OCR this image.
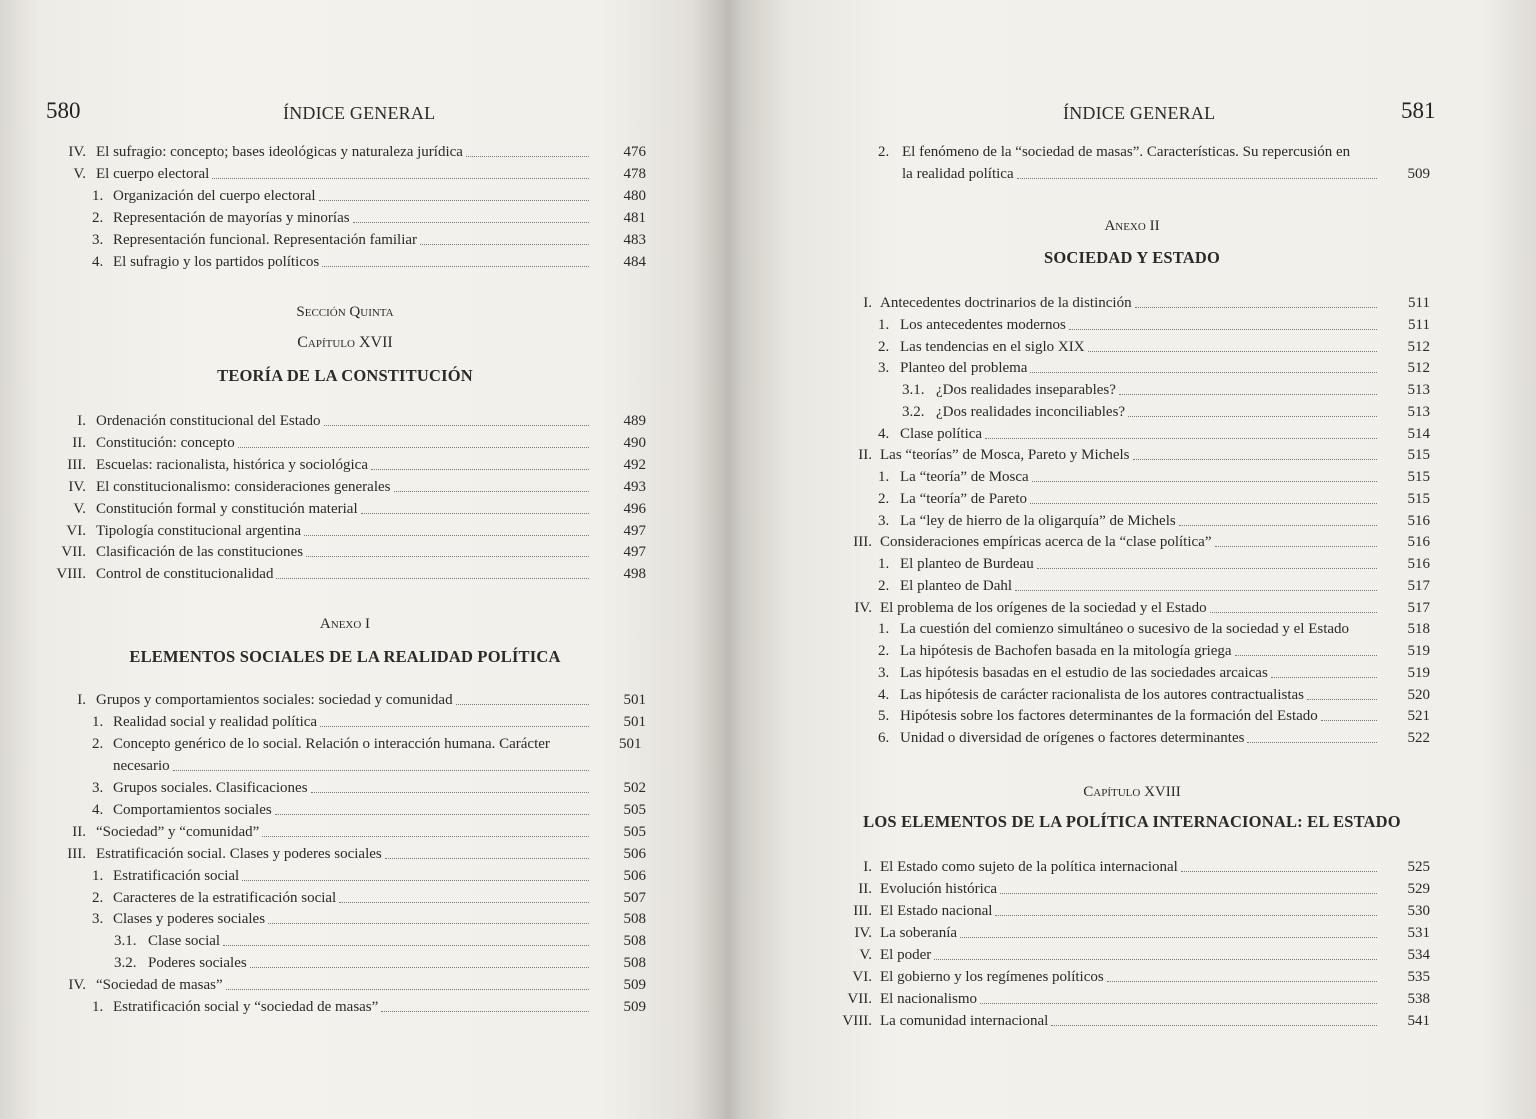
580	ÍNDICE GENERAL
Sección Quinta
Capítulo XVII
TEORÍA DE LA CONSTITUCIÓN
Anexo I
ELEMENTOS SOCIALES DE LA REALIDAD POLÍTICA
IV. El sufragio: concepto; bases ideológicas y naturaleza jurídica	476
V. El cuerpo electoral	478
1. Organización del cuerpo electoral	480
2. Representación de mayorías y minorías	481
3. Representación funcional. Representación familiar	483
4. El sufragio y los partidos políticos	484
I. Ordenación constitucional del Estado	489
II. Constitución: concepto	490
III. Escuelas: racionalista, histórica y sociológica	492
IV. El constitucionalismo: consideraciones generales	493
V. Constitución formal y constitución material	496
VI. Tipología constitucional argentina	497
VII. Clasificación de las constituciones	497
VIII. Control de constitucionalidad	498
I. Grupos y comportamientos sociales: sociedad y comunidad	501
1. Realidad social y realidad política	501
2. Concepto genérico de lo social. Relación o interacción humana. Carácter	501
necesario
3. Grupos sociales. Clasificaciones	502
4. Comportamientos sociales	505
II. “Sociedad” y “comunidad”	505
III. Estratificación social. Clases y poderes sociales	506
1. Estratificación social	506
2. Caracteres de la estratificación social	507
3. Clases y poderes sociales	508
3.1. Clase social	508
3.2. Poderes sociales	508
IV. “Sociedad de masas”	509
1. Estratificación social y “sociedad de masas”	509
ÍNDICE GENERAL	581
Anexo II
SOCIEDAD Y ESTADO
Capítulo XVIII
LOS ELEMENTOS DE LA POLÍTICA INTERNACIONAL: EL ESTADO
2. El fenómeno de la “sociedad de masas”. Características. Su repercusión en
la realidad política	509
I. Antecedentes doctrinarios de la distinción	511
1. Los antecedentes modernos	511
2. Las tendencias en el siglo XIX	512
3. Planteo del problema	512
3.1. ¿Dos realidades inseparables?	513
3.2. ¿Dos realidades inconciliables?	513
4. Clase política	514
II. Las “teorías” de Mosca, Pareto y Michels	515
1. La “teoría” de Mosca	515
2. La “teoría” de Pareto	515
3. La “ley de hierro de la oligarquía” de Michels	516
III. Consideraciones empíricas acerca de la “clase política”	516
1. El planteo de Burdeau	516
2. El planteo de Dahl	517
IV. El problema de los orígenes de la sociedad y el Estado	517
1. La cuestión del comienzo simultáneo o sucesivo de la sociedad y el Estado	518
2. La hipótesis de Bachofen basada en la mitología griega	519
3. Las hipótesis basadas en el estudio de las sociedades arcaicas	519
4. Las hipótesis de carácter racionalista de los autores contractualistas	520
5. Hipótesis sobre los factores determinantes de la formación del Estado	521
6. Unidad o diversidad de orígenes o factores determinantes	522
I. El Estado como sujeto de la política internacional	525
II. Evolución histórica	529
III. El Estado nacional	530
IV. La soberanía	531
V. El poder	534
VI. El gobierno y los regímenes políticos	535
VII. El nacionalismo	538
VIII. La comunidad internacional	541
